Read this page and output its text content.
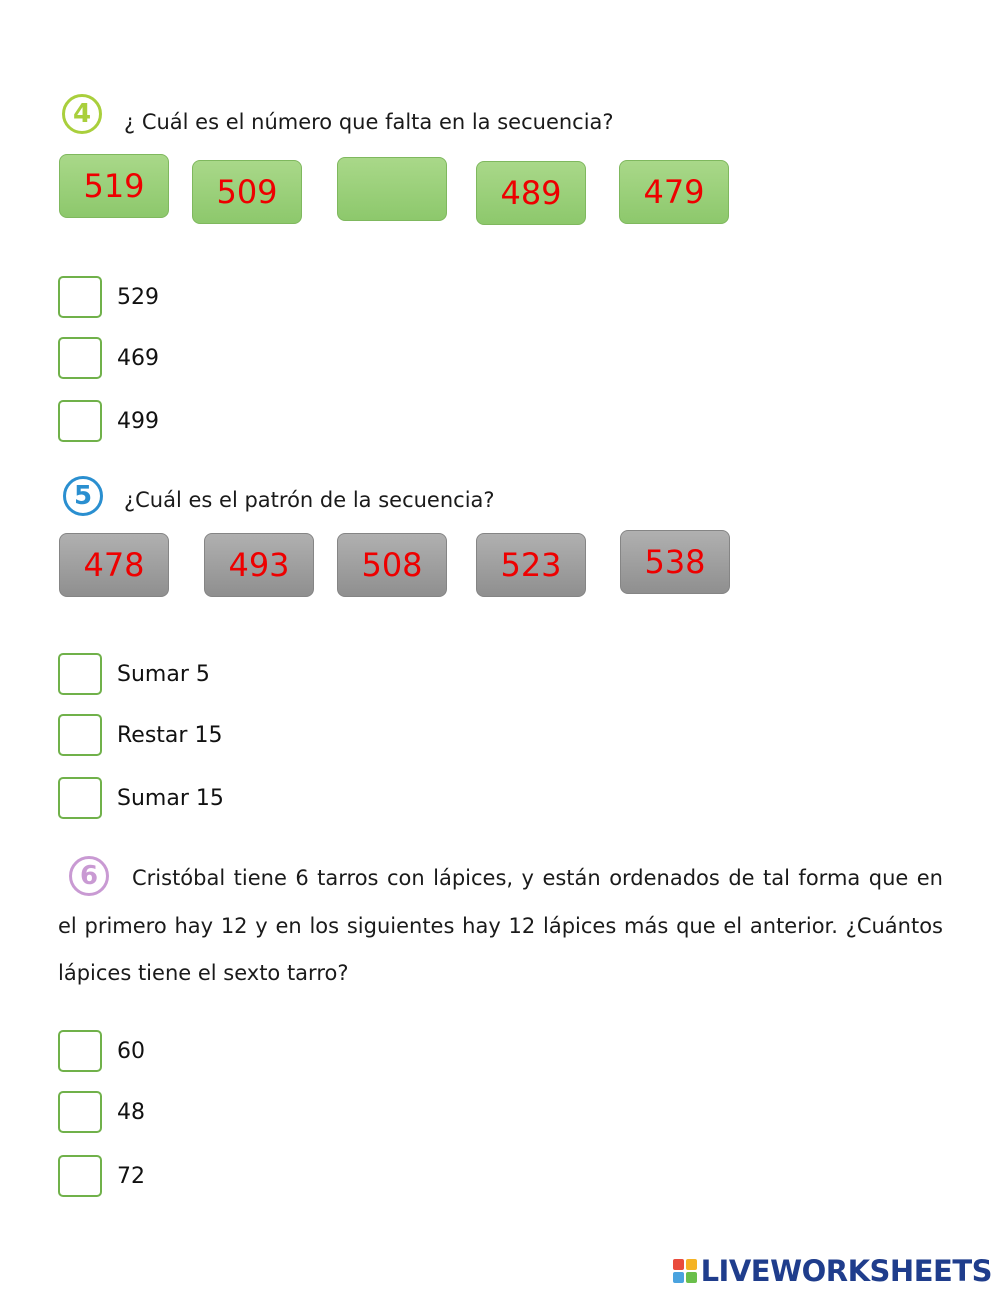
4	¿ Cuál es el número que falta en la secuencia?
519	509	489	479
529
469
499
5	¿Cuál es el patrón de la secuencia?
478	493	508	523	538
Sumar 5
Restar 15
Sumar 15
6	Cristóbal tiene 6 tarros con lápices, y están ordenados de tal forma que en el primero hay 12 y en los siguientes hay 12 lápices más que el anterior. ¿Cuántos lápices tiene el sexto tarro?
60
48
72
LIVEWORKSHEETS
